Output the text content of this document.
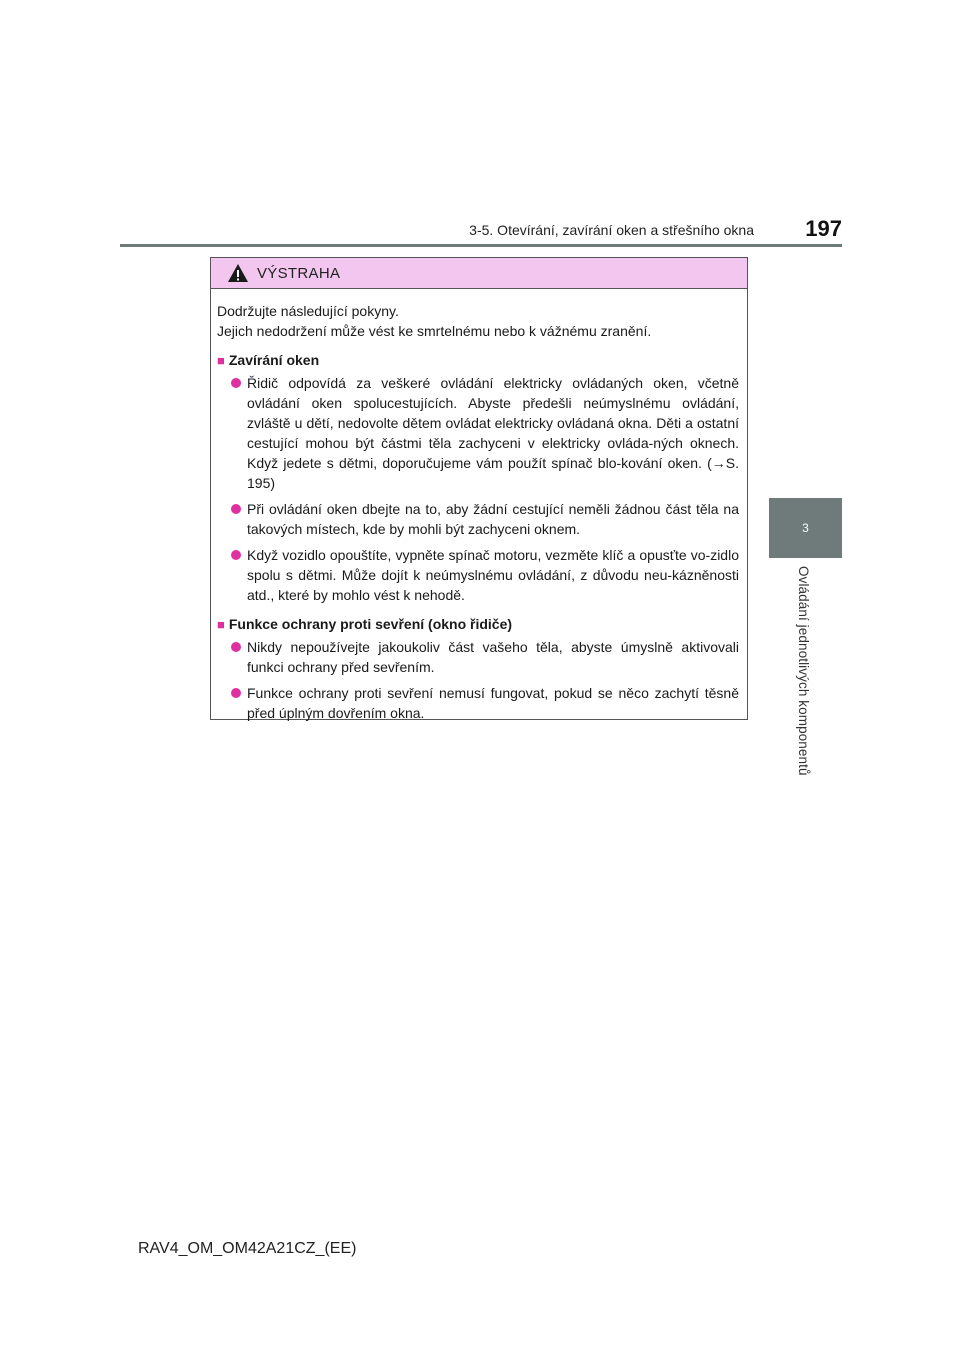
3-5. Otevírání, zavírání oken a střešního okna 197
3
Ovládání jednotlivých komponentů
VÝSTRAHA

Dodržujte následující pokyny.

Jejich nedodržení může vést ke smrtelnému nebo k vážnému zranění.

■ Zavírání oken

Řidič odpovídá za veškeré ovládání elektricky ovládaných oken, včetně ovládání oken spolucestujících. Abyste předešli neúmyslnému ovládání, zvláště u dětí, nedovolte dětem ovládat elektricky ovládaná okna. Děti a ostatní cestující mohou být částmi těla zachyceni v elektricky ovláda-ných oknech. Když jedete s dětmi, doporučujeme vám použít spínač blo-kování oken. (→S. 195)

Při ovládání oken dbejte na to, aby žádní cestující neměli žádnou část těla na takových místech, kde by mohli být zachyceni oknem.

Když vozidlo opouštíte, vypněte spínač motoru, vezměte klíč a opusťte vo-zidlo spolu s dětmi. Může dojít k neúmyslnému ovládání, z důvodu neu-kázněnosti atd., které by mohlo vést k nehodě.

■ Funkce ochrany proti sevření (okno řidiče)

Nikdy nepoužívejte jakoukoliv část vašeho těla, abyste úmyslně aktivovali funkci ochrany před sevřením.

Funkce ochrany proti sevření nemusí fungovat, pokud se něco zachytí těsně před úplným dovřením okna.

RAV4_OM_OM42A21CZ_(EE)
